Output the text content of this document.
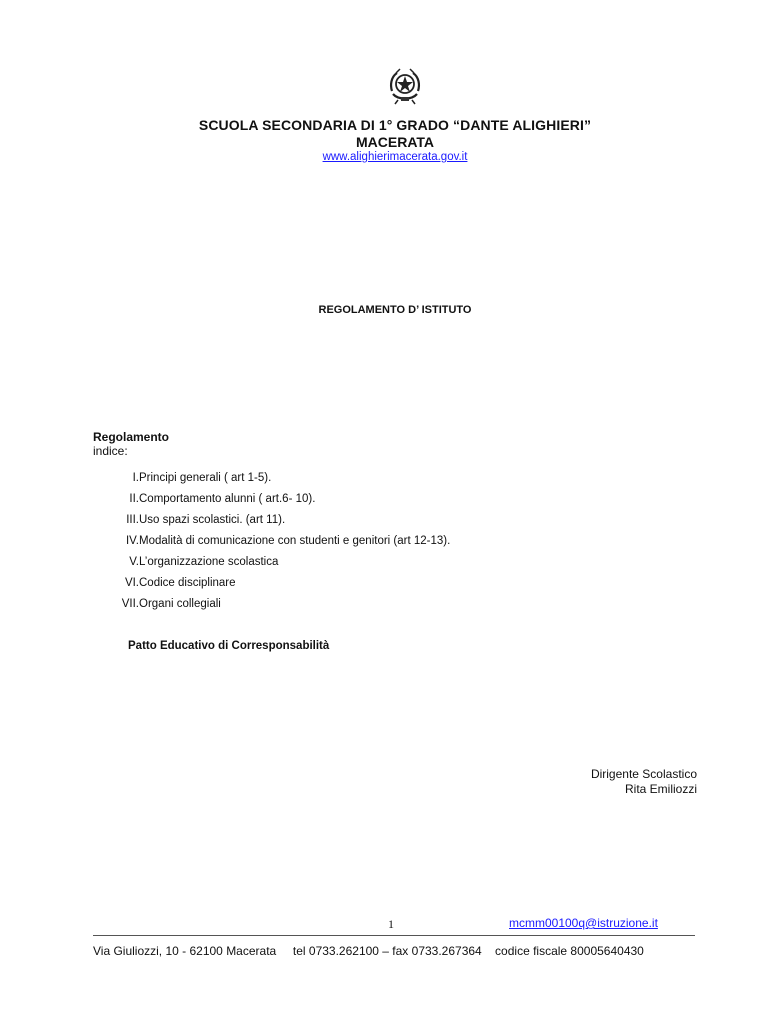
SCUOLA SECONDARIA DI 1° GRADO “DANTE ALIGHIERI”
MACERATA
www.alighierimacerata.gov.it
REGOLAMENTO D’ ISTITUTO
Regolamento
indice:
I. Principi generali ( art 1-5).
II. Comportamento alunni ( art.6- 10).
III. Uso spazi scolastici. (art 11).
IV. Modalità di comunicazione con studenti e genitori (art 12-13).
V. L’organizzazione scolastica
VI. Codice disciplinare
VII. Organi collegiali
Patto Educativo di Corresponsabilità
Dirigente Scolastico
Rita Emiliozzi
1	mcmm00100q@istruzione.it
Via Giuliozzi, 10 - 62100 Macerata     tel 0733.262100 – fax 0733.267364    codice fiscale 80005640430
